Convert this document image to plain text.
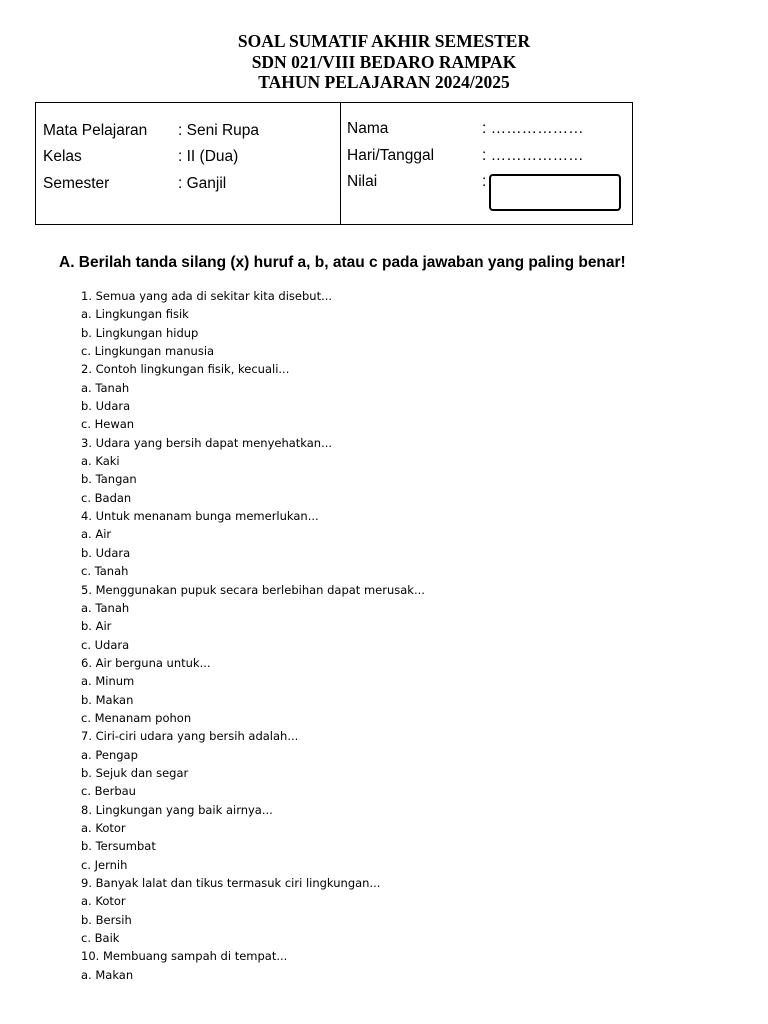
SOAL SUMATIF AKHIR SEMESTER
SDN 021/VIII BEDARO RAMPAK
TAHUN PELAJARAN 2024/2025
Mata Pelajaran : Seni Rupa
Kelas	: II (Dua)
Semester	: Ganjil
Nama	: ………………
Hari/Tanggal	: ………………
Nilai	:
A. Berilah tanda silang (x) huruf a, b, atau c pada jawaban yang paling benar!
1. Semua yang ada di sekitar kita disebut...
a. Lingkungan fisik
b. Lingkungan hidup
c. Lingkungan manusia
2. Contoh lingkungan fisik, kecuali...
a. Tanah
b. Udara
c. Hewan
3. Udara yang bersih dapat menyehatkan...
a. Kaki
b. Tangan
c. Badan
4. Untuk menanam bunga memerlukan...
a. Air
b. Udara
c. Tanah
5. Menggunakan pupuk secara berlebihan dapat merusak...
a. Tanah
b. Air
c. Udara
6. Air berguna untuk...
a. Minum
b. Makan
c. Menanam pohon
7. Ciri-ciri udara yang bersih adalah...
a. Pengap
b. Sejuk dan segar
c. Berbau
8. Lingkungan yang baik airnya...
a. Kotor
b. Tersumbat
c. Jernih
9. Banyak lalat dan tikus termasuk ciri lingkungan...
a. Kotor
b. Bersih
c. Baik
10. Membuang sampah di tempat...
a. Makan
